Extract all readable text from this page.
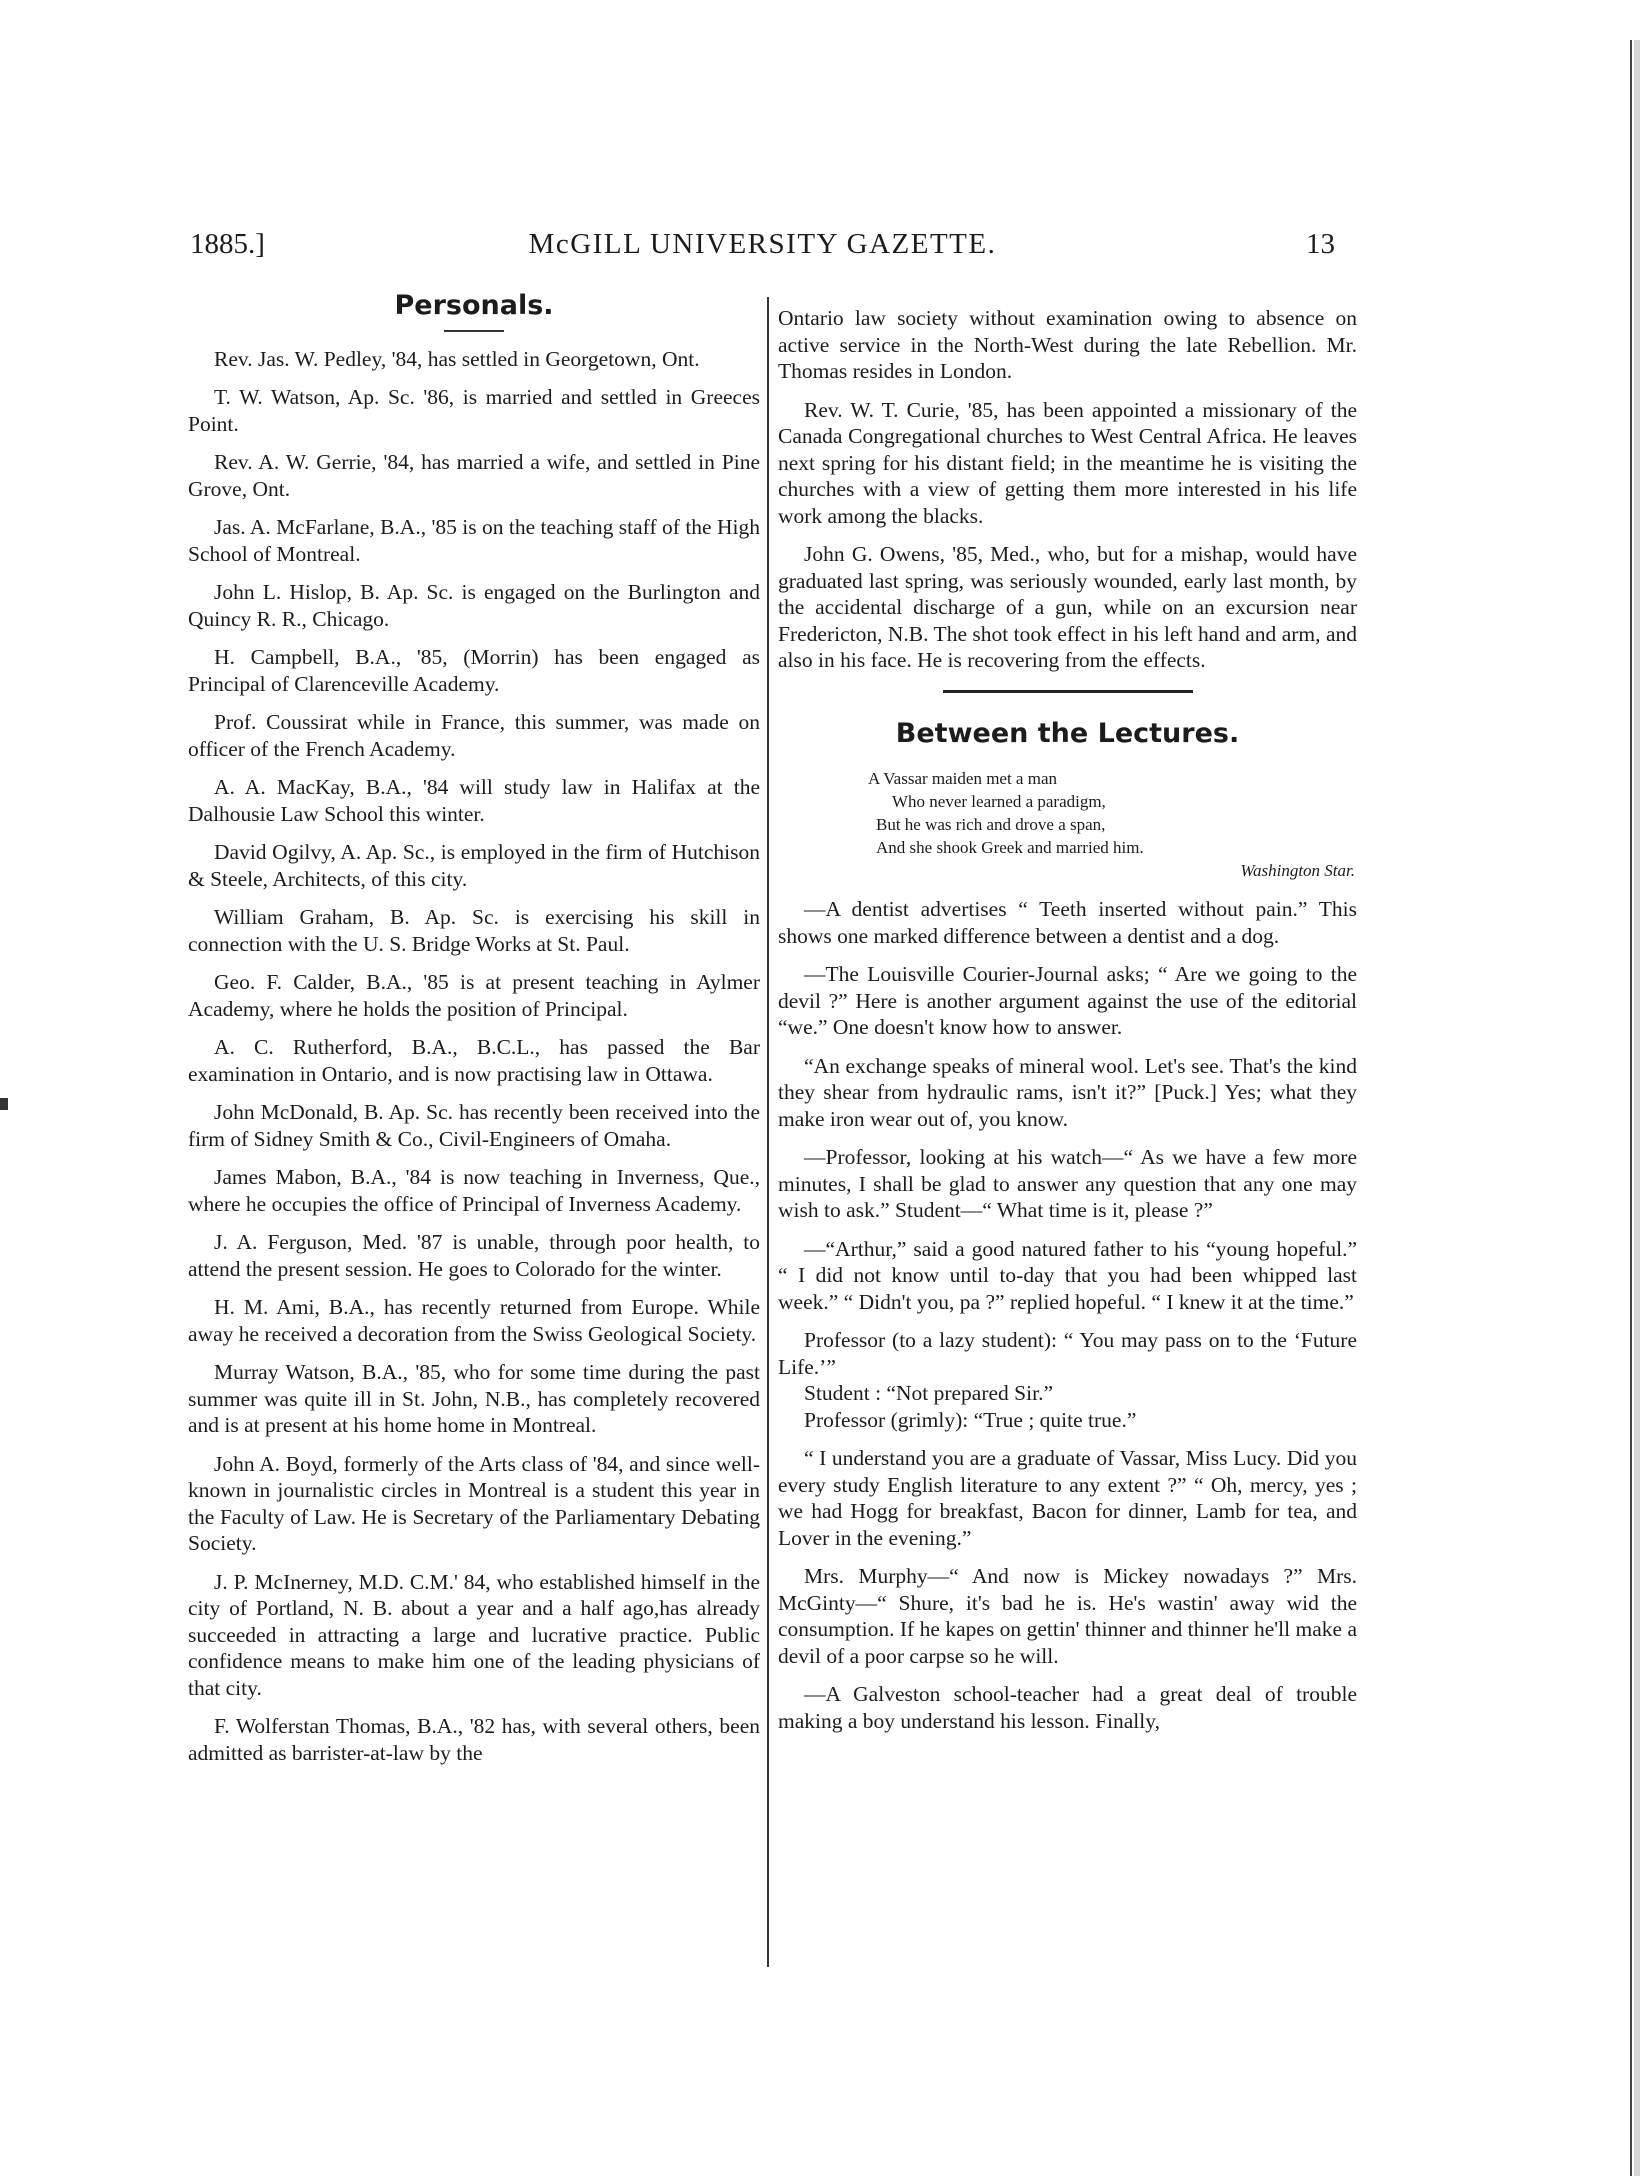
1885.]	McGILL UNIVERSITY GAZETTE.	13
Personals.

Rev. Jas. W. Pedley, '84, has settled in Georgetown, Ont.

T. W. Watson, Ap. Sc. '86, is married and settled in Greeces Point.

Rev. A. W. Gerrie, '84, has married a wife, and settled in Pine Grove, Ont.

Jas. A. McFarlane, B.A., '85 is on the teaching staff of the High School of Montreal.

John L. Hislop, B. Ap. Sc. is engaged on the Burlington and Quincy R. R., Chicago.

H. Campbell, B.A., '85, (Morrin) has been engaged as Principal of Clarenceville Academy.

Prof. Coussirat while in France, this summer, was made on officer of the French Academy.

A. A. MacKay, B.A., '84 will study law in Halifax at the Dalhousie Law School this winter.

David Ogilvy, A. Ap. Sc., is employed in the firm of Hutchison & Steele, Architects, of this city.

William Graham, B. Ap. Sc. is exercising his skill in connection with the U. S. Bridge Works at St. Paul.

Geo. F. Calder, B.A., '85 is at present teaching in Aylmer Academy, where he holds the position of Principal.

A. C. Rutherford, B.A., B.C.L., has passed the Bar examination in Ontario, and is now practising law in Ottawa.

John McDonald, B. Ap. Sc. has recently been received into the firm of Sidney Smith & Co., Civil-Engineers of Omaha.

James Mabon, B.A., '84 is now teaching in Inverness, Que., where he occupies the office of Principal of Inverness Academy.

J. A. Ferguson, Med. '87 is unable, through poor health, to attend the present session. He goes to Colorado for the winter.

H. M. Ami, B.A., has recently returned from Europe. While away he received a decoration from the Swiss Geological Society.

Murray Watson, B.A., '85, who for some time during the past summer was quite ill in St. John, N.B., has completely recovered and is at present at his home home in Montreal.

John A. Boyd, formerly of the Arts class of '84, and since well-known in journalistic circles in Montreal is a student this year in the Faculty of Law. He is Secretary of the Parliamentary Debating Society.

J. P. McInerney, M.D. C.M.' 84, who established himself in the city of Portland, N. B. about a year and a half ago,has already succeeded in attracting a large and lucrative practice. Public confidence means to make him one of the leading physicians of that city.

F. Wolferstan Thomas, B.A., '82 has, with several others, been admitted as barrister-at-law by the

Ontario law society without examination owing to absence on active service in the North-West during the late Rebellion. Mr. Thomas resides in London.

Rev. W. T. Curie, '85, has been appointed a missionary of the Canada Congregational churches to West Central Africa. He leaves next spring for his distant field; in the meantime he is visiting the churches with a view of getting them more interested in his life work among the blacks.

John G. Owens, '85, Med., who, but for a mishap, would have graduated last spring, was seriously wounded, early last month, by the accidental discharge of a gun, while on an excursion near Fredericton, N.B. The shot took effect in his left hand and arm, and also in his face. He is recovering from the effects.

Between the Lectures.
A Vassar maiden met a man
Who never learned a paradigm,
But he was rich and drove a span,
And she shook Greek and married him.
Washington Star.

—A dentist advertises “ Teeth inserted without pain.” This shows one marked difference between a dentist and a dog.

—The Louisville Courier-Journal asks; “ Are we going to the devil ?” Here is another argument against the use of the editorial “we.” One doesn't know how to answer.

“An exchange speaks of mineral wool. Let's see. That's the kind they shear from hydraulic rams, isn't it?” [Puck.] Yes; what they make iron wear out of, you know.

—Professor, looking at his watch—“ As we have a few more minutes, I shall be glad to answer any question that any one may wish to ask.” Student—“ What time is it, please ?”

—“Arthur,” said a good natured father to his “young hopeful.” “ I did not know until to-day that you had been whipped last week.” “ Didn't you, pa ?” replied hopeful. “ I knew it at the time.”

Professor (to a lazy student): “ You may pass on to the ‘Future Life.’”

Student : “Not prepared Sir.”

Professor (grimly): “True ; quite true.”

“ I understand you are a graduate of Vassar, Miss Lucy. Did you every study English literature to any extent ?” “ Oh, mercy, yes ; we had Hogg for breakfast, Bacon for dinner, Lamb for tea, and Lover in the evening.”

Mrs. Murphy—“ And now is Mickey nowadays ?” Mrs. McGinty—“ Shure, it's bad he is. He's wastin' away wid the consumption. If he kapes on gettin' thinner and thinner he'll make a devil of a poor carpse so he will.

—A Galveston school-teacher had a great deal of trouble making a boy understand his lesson. Finally,
